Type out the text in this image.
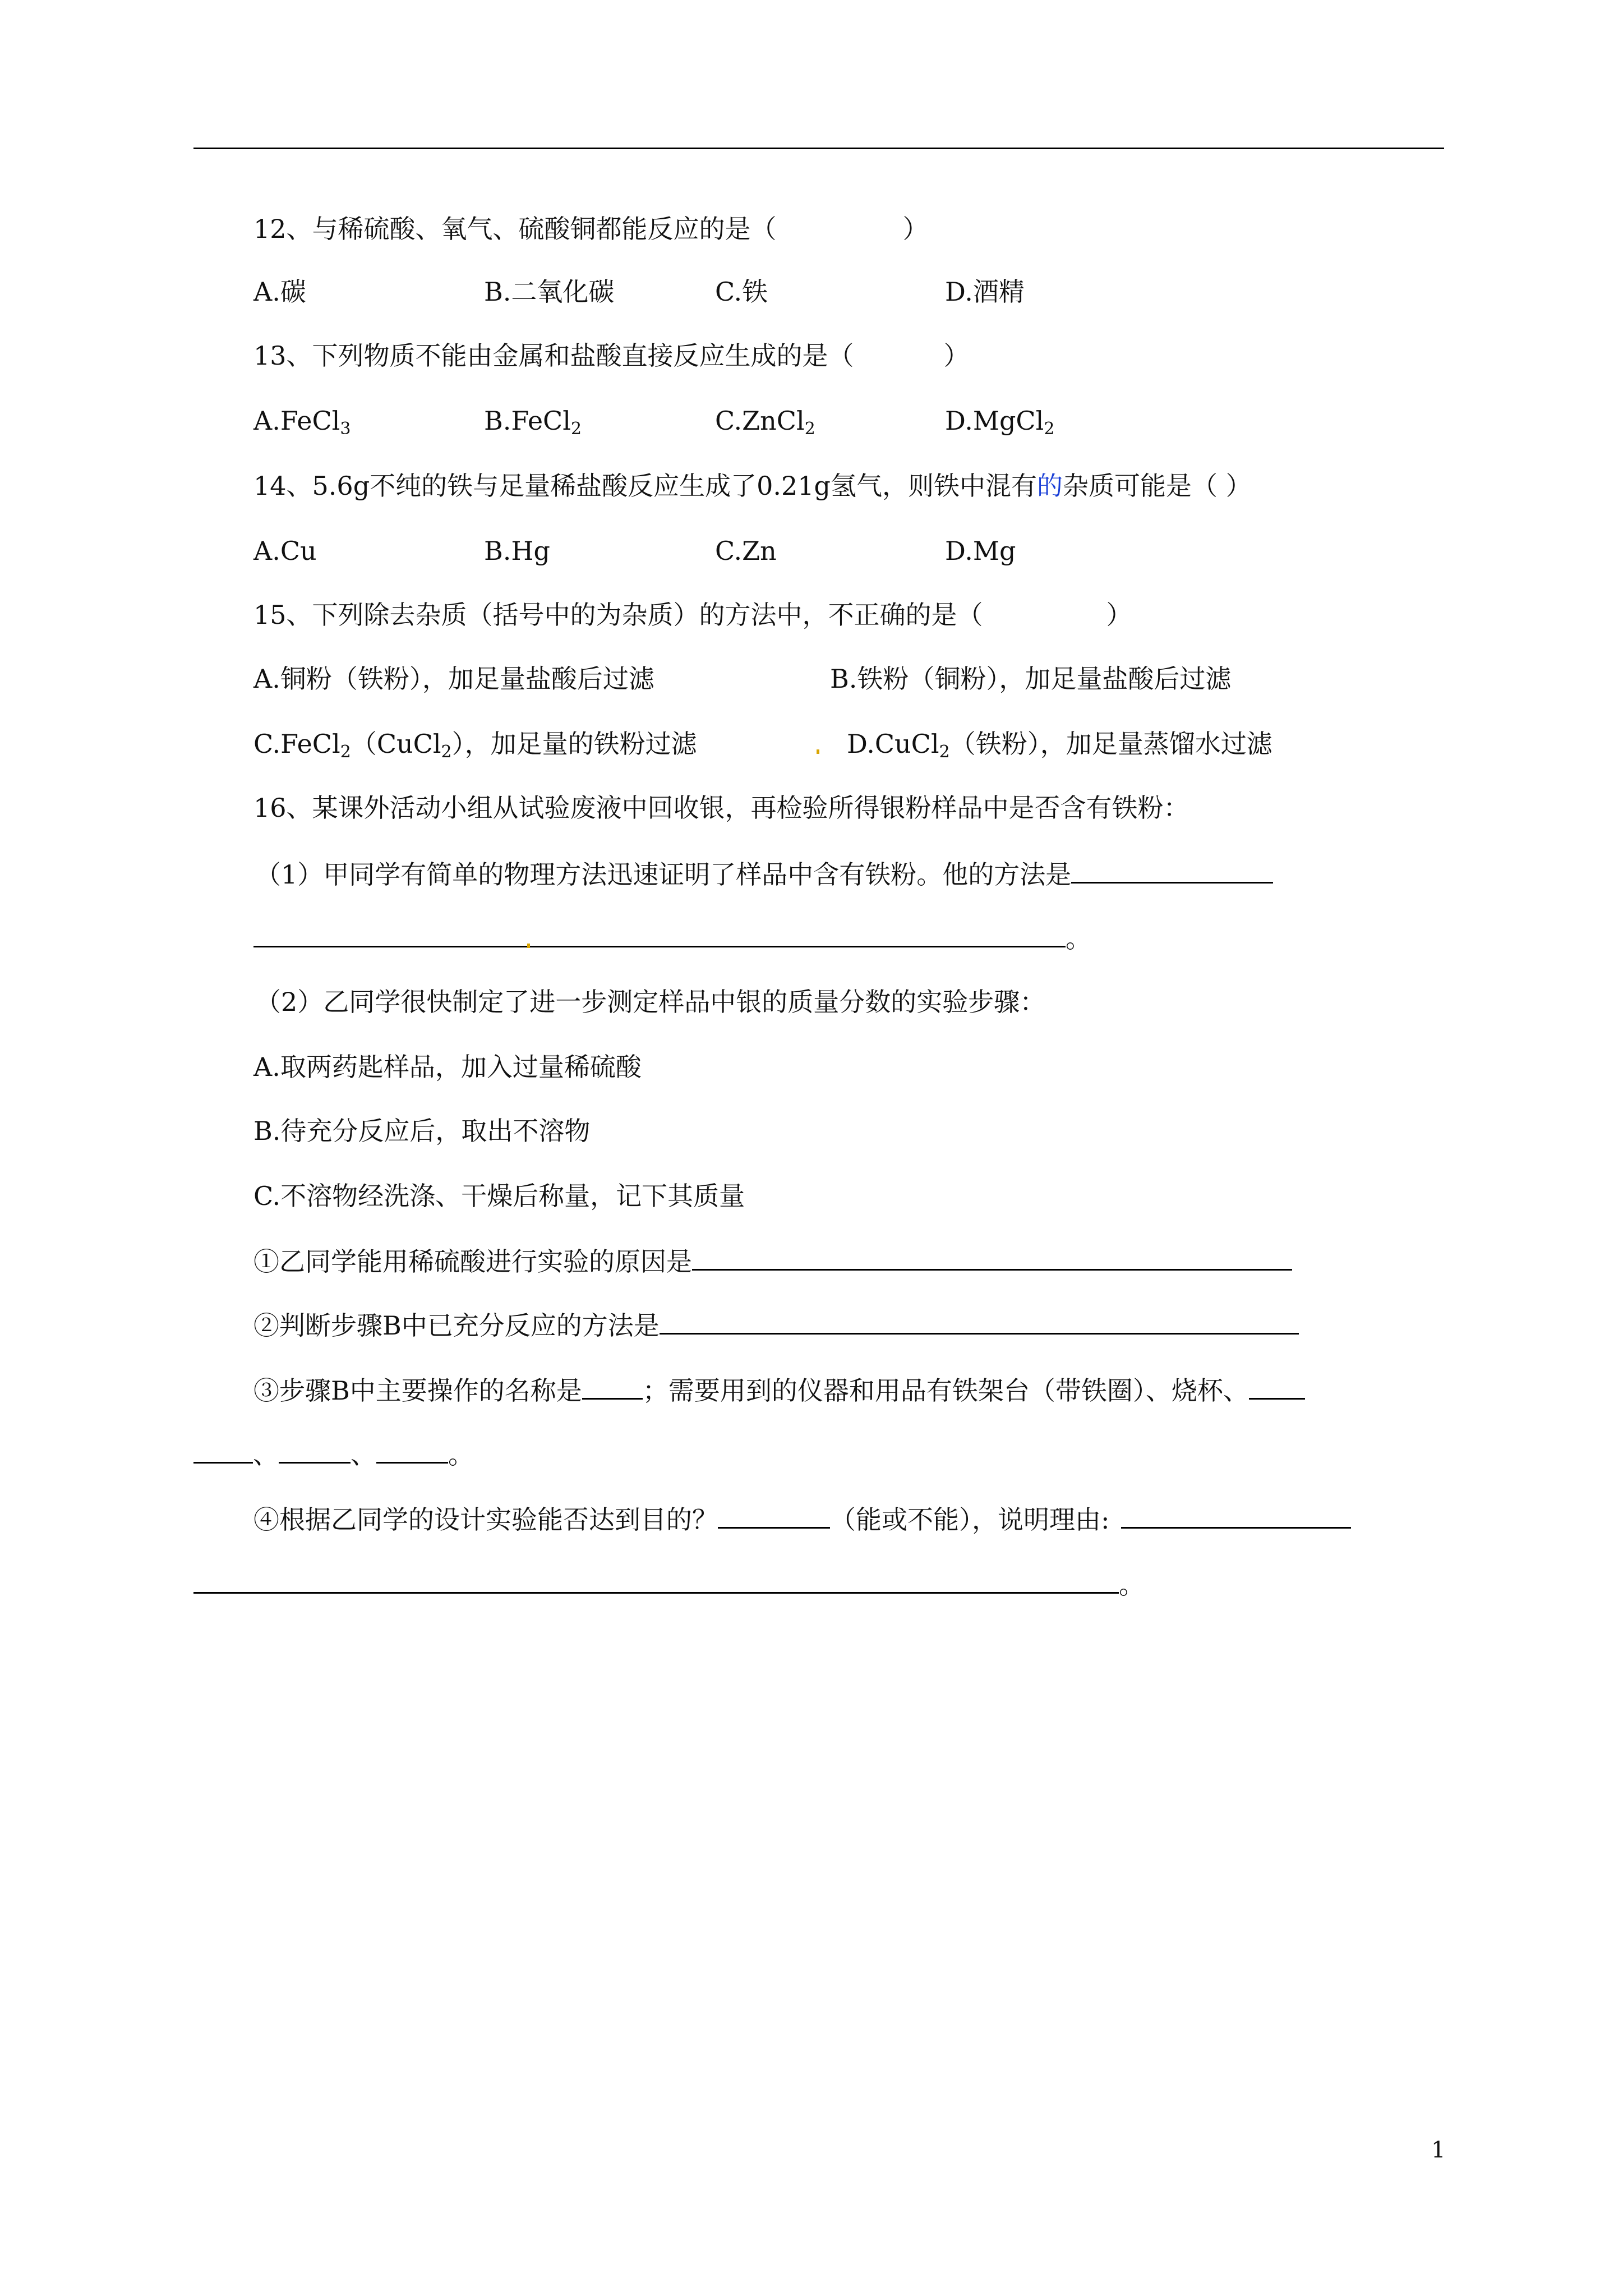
12、与稀硫酸、氧气、硫酸铜都能反应的是（	）
A.碳	B.二氧化碳	C.铁	D.酒精
13、下列物质不能由金属和盐酸直接反应生成的是（	）
A.FeCl$_3$	B.FeCl$_2$	C.ZnCl$_2$	D.MgCl$_2$
14、5.6g不纯的铁与足量稀盐酸反应生成了0.21g氢气，则铁中混有的杂质可能是（ ）
A.Cu	B.Hg	C.Zn	D.Mg
15、下列除去杂质（括号中的为杂质）的方法中，不正确的是（	）
A.铜粉（铁粉），加足量盐酸后过滤	B.铁粉（铜粉），加足量盐酸后过滤
C.FeCl$_2$（CuCl$_2$），加足量的铁粉过滤	D.CuCl$_2$（铁粉），加足量蒸馏水过滤
16、某课外活动小组从试验废液中回收银，再检验所得银粉样品中是否含有铁粉：
（1）甲同学有简单的物理方法迅速证明了样品中含有铁粉。他的方法是
。
（2）乙同学很快制定了进一步测定样品中银的质量分数的实验步骤：
A.取两药匙样品，加入过量稀硫酸
B.待充分反应后，取出不溶物
C.不溶物经洗涤、干燥后称量，记下其质量
①乙同学能用稀硫酸进行实验的原因是
②判断步骤B中已充分反应的方法是
③步骤B中主要操作的名称是 ；需要用到的仪器和用品有铁架台（带铁圈）、烧杯、
、	、	。
④根据乙同学的设计实验能否达到目的？	（能或不能），说明理由:
。
1
